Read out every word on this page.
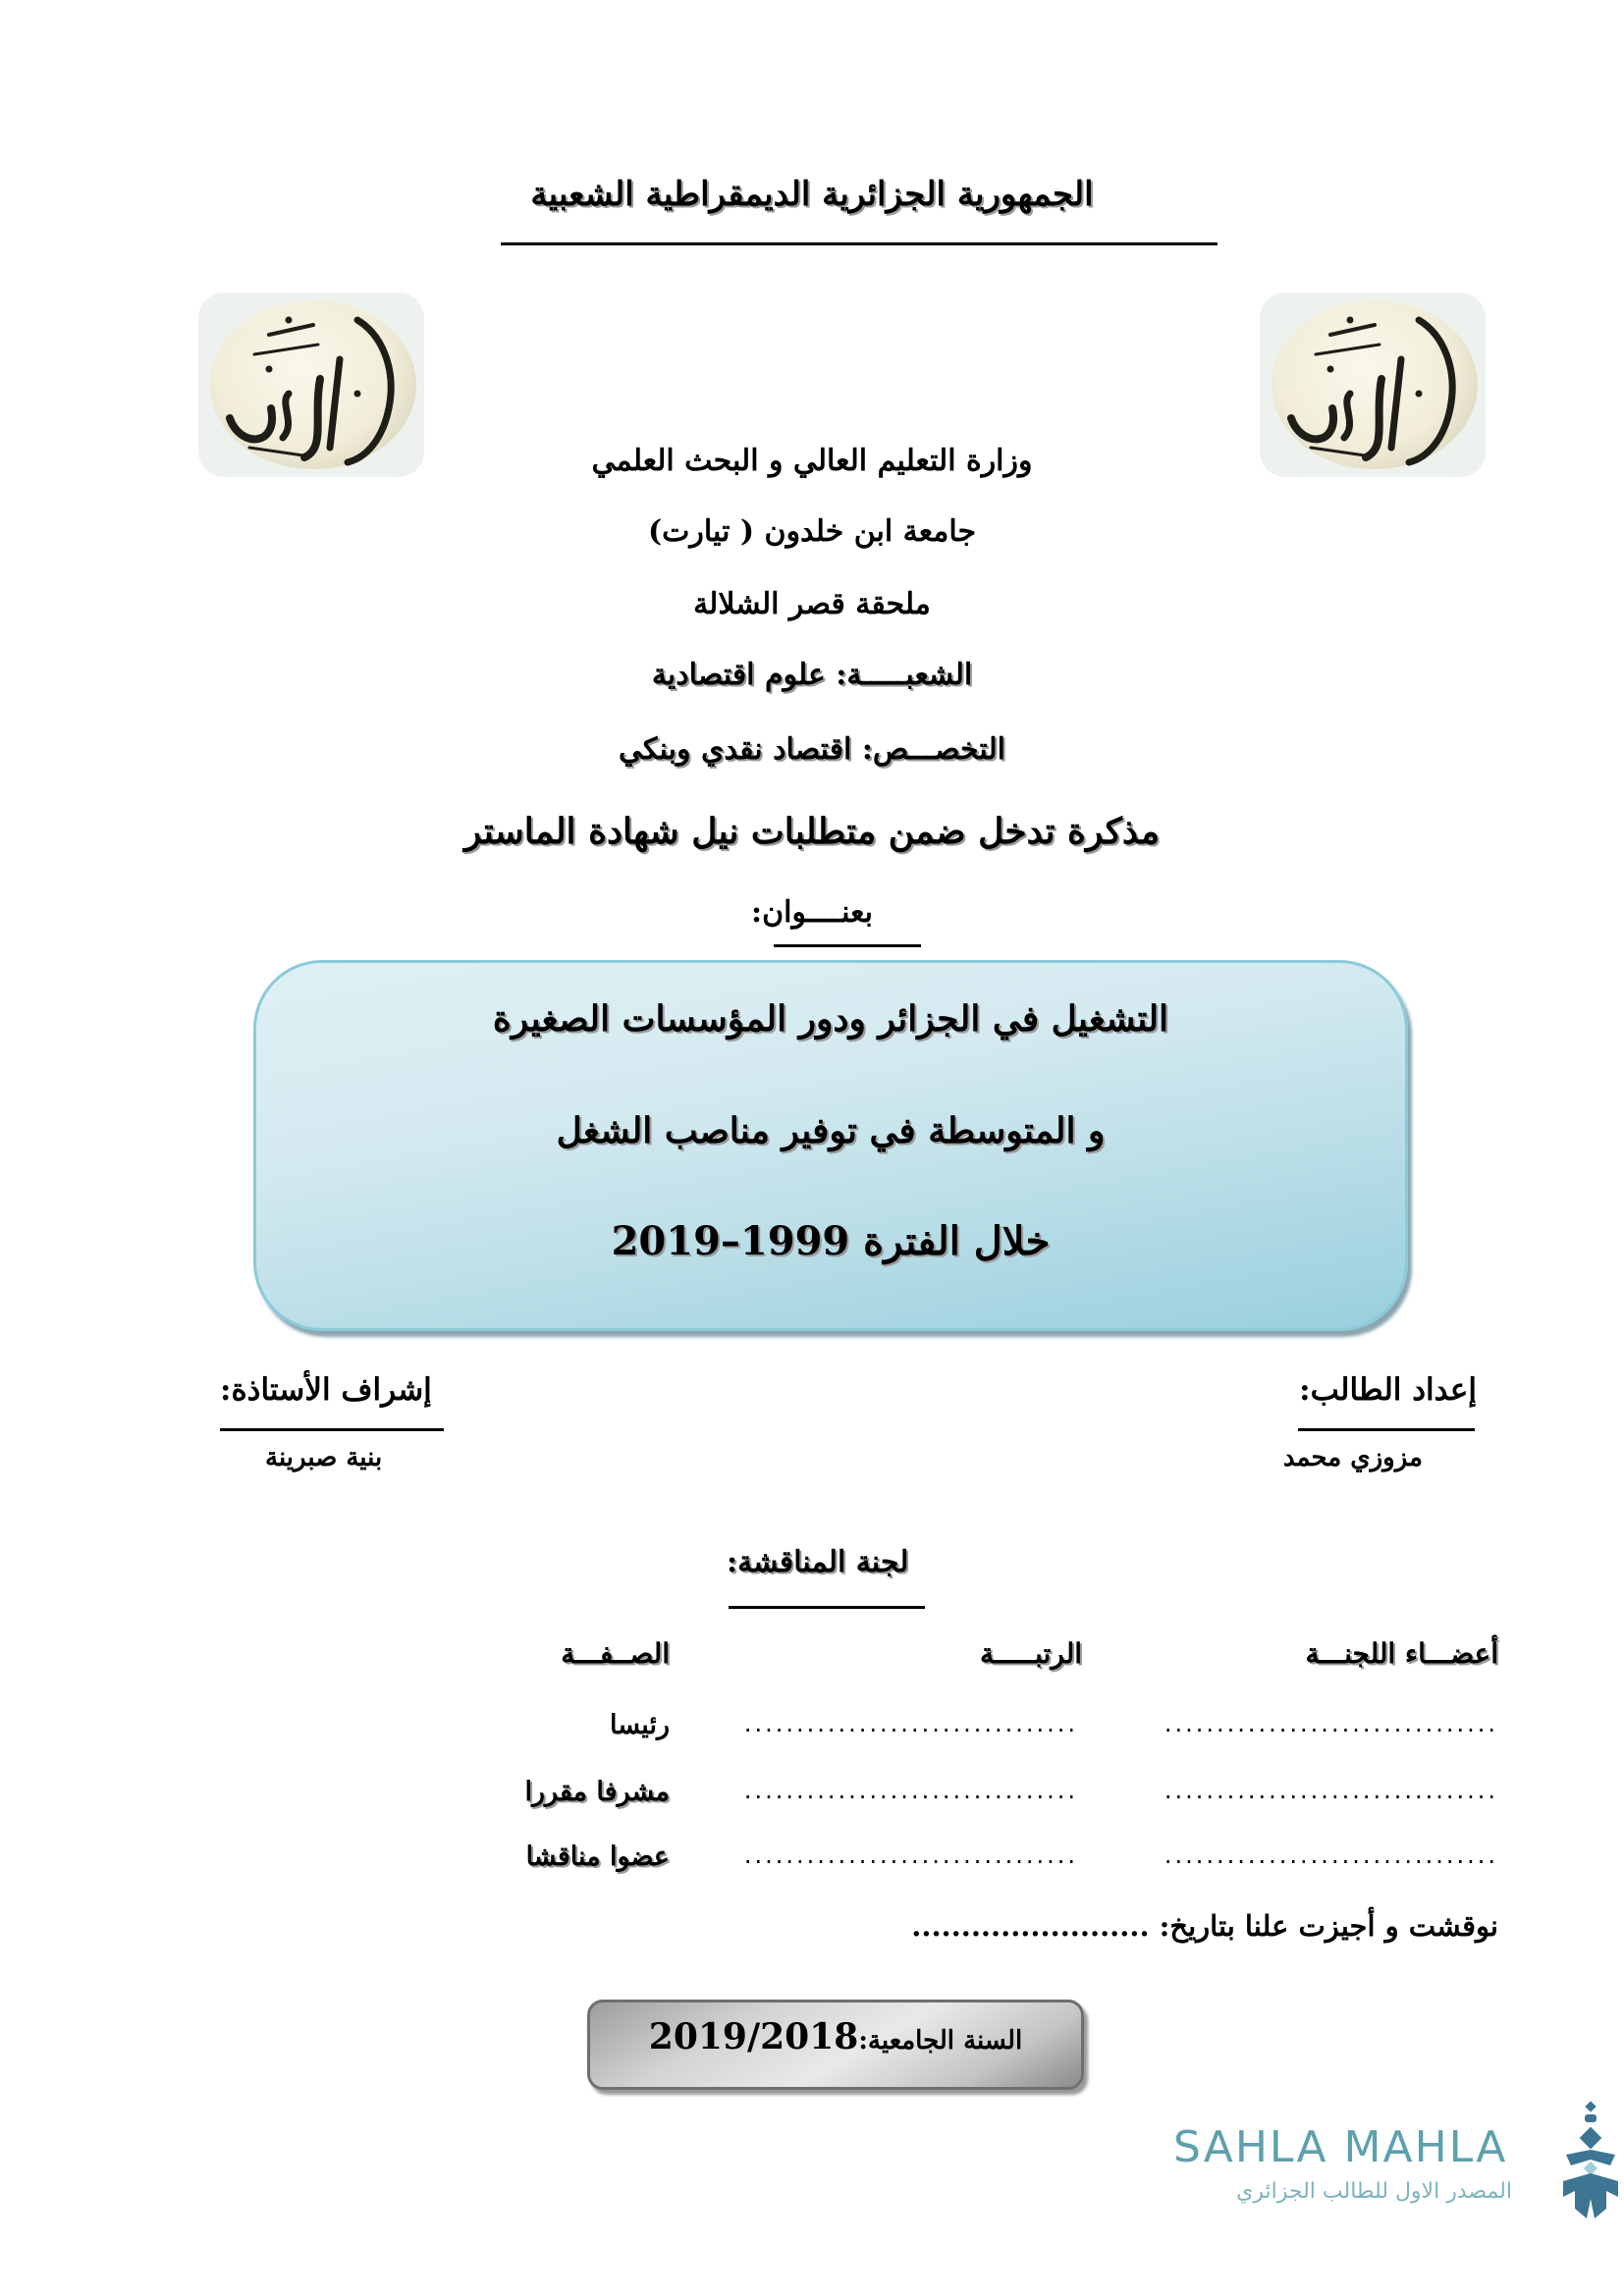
الجمهورية الجزائرية الديمقراطية الشعبية
وزارة التعليم العالي و البحث العلمي
جامعة ابن خلدون ( تيارت)
ملحقة قصر الشلالة
الشعبـــــة: علوم اقتصادية
التخصـــص: اقتصاد نقدي وبنكي
مذكرة تدخل ضمن متطلبات نيل شهادة الماستر
بعنــــوان:
التشغيل في الجزائر ودور المؤسسات الصغيرة
و المتوسطة في توفير مناصب الشغل
خلال الفترة 1999–2019
إعداد الطالب:
مزوزي محمد
إشراف الأستاذة:
بنية صبرينة
لجنة المناقشة:
أعضـــاء اللجنـــة
الرتبـــــة
الصــفـــة
................................
................................
رئيسا
................................
................................
مشرفا مقررا
................................
................................
عضوا مناقشا
نوقشت و أجيزت علنا بتاريخ: ........................
السنة الجامعية:2019/2018
SAHLA MAHLA
المصدر الاول للطالب الجزائري
